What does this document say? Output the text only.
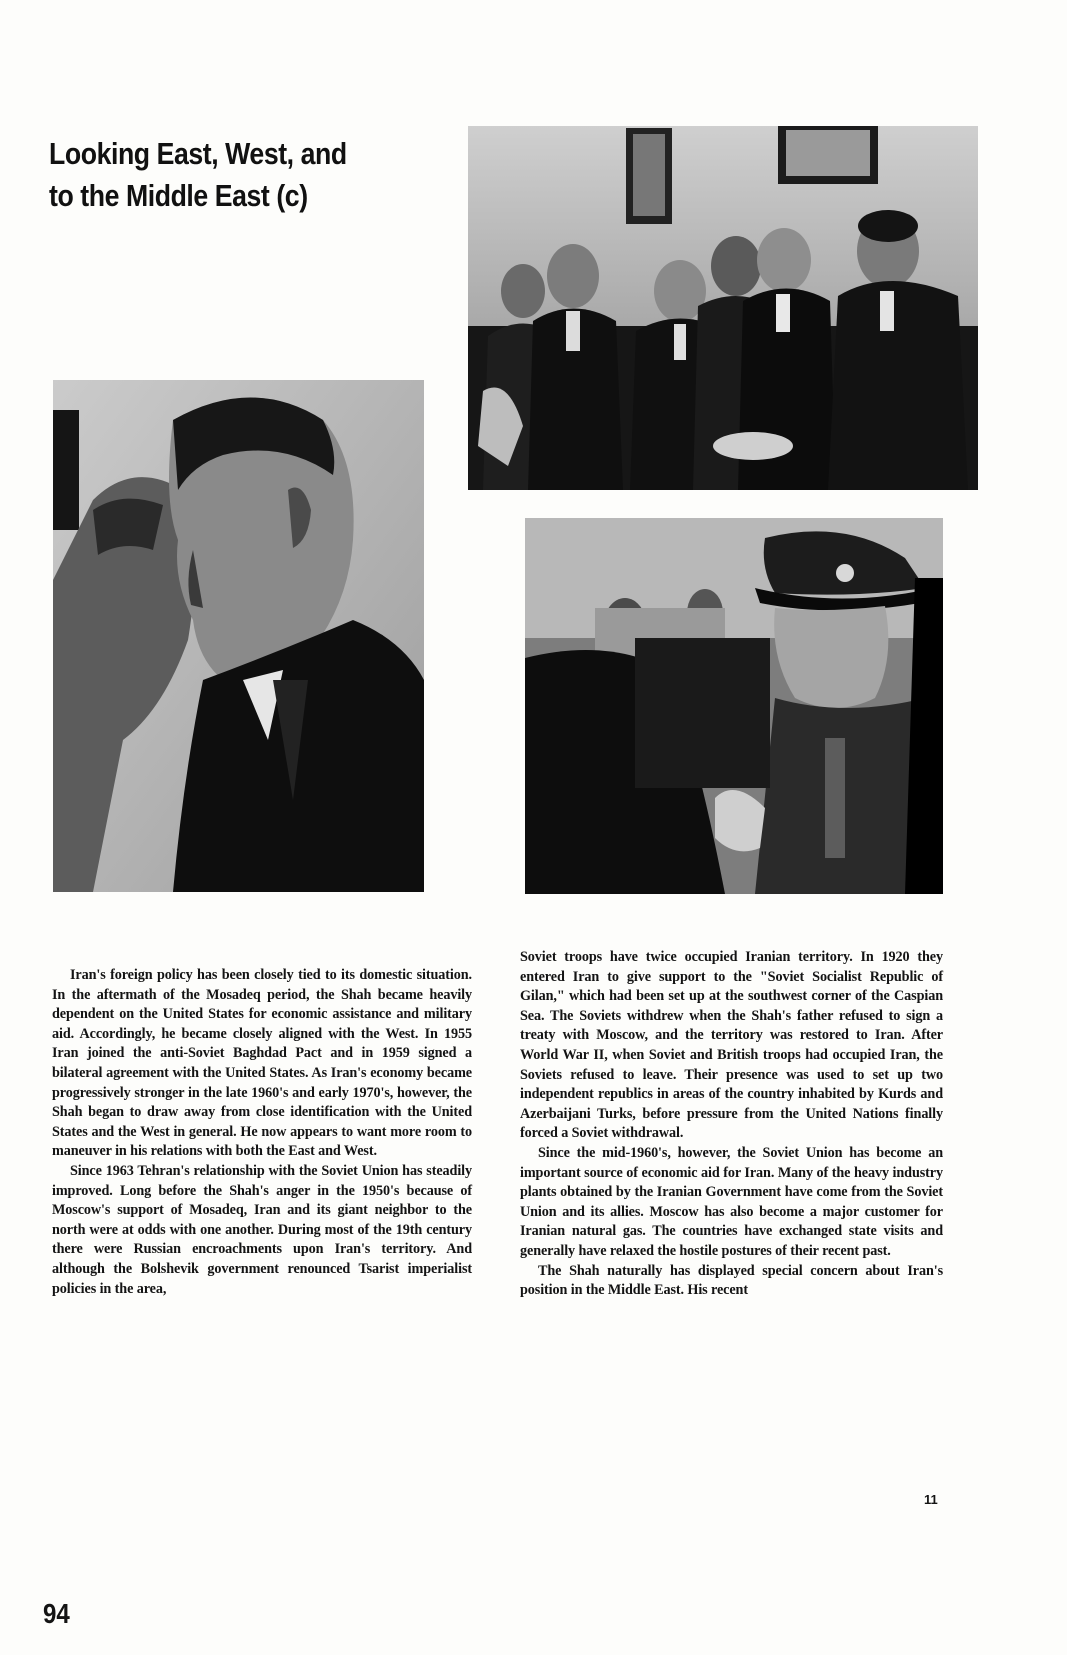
Looking East, West, and
to the Middle East (c)

Iran's foreign policy has been closely tied to its domestic situation. In the aftermath of the Mosadeq period, the Shah became heavily dependent on the United States for economic assistance and military aid. Accordingly, he became closely aligned with the West. In 1955 Iran joined the anti-Soviet Baghdad Pact and in 1959 signed a bilateral agreement with the United States. As Iran's economy became progressively stronger in the late 1960's and early 1970's, however, the Shah began to draw away from close identification with the United States and the West in general. He now appears to want more room to maneuver in his relations with both the East and West.

Since 1963 Tehran's relationship with the Soviet Union has steadily improved. Long before the Shah's anger in the 1950's because of Moscow's support of Mosadeq, Iran and its giant neighbor to the north were at odds with one another. During most of the 19th century there were Russian encroachments upon Iran's territory. And although the Bolshevik government renounced Tsarist imperialist policies in the area,

Soviet troops have twice occupied Iranian territory. In 1920 they entered Iran to give support to the "Soviet Socialist Republic of Gilan," which had been set up at the southwest corner of the Caspian Sea. The Soviets withdrew when the Shah's father refused to sign a treaty with Moscow, and the territory was restored to Iran. After World War II, when Soviet and British troops had occupied Iran, the Soviets refused to leave. Their presence was used to set up two independent republics in areas of the country inhabited by Kurds and Azerbaijani Turks, before pressure from the United Nations finally forced a Soviet withdrawal.

Since the mid-1960's, however, the Soviet Union has become an important source of economic aid for Iran. Many of the heavy industry plants obtained by the Iranian Government have come from the Soviet Union and its allies. Moscow has also become a major customer for Iranian natural gas. The countries have exchanged state visits and generally have relaxed the hostile postures of their recent past.

The Shah naturally has displayed special concern about Iran's position in the Middle East. His recent

11
94
